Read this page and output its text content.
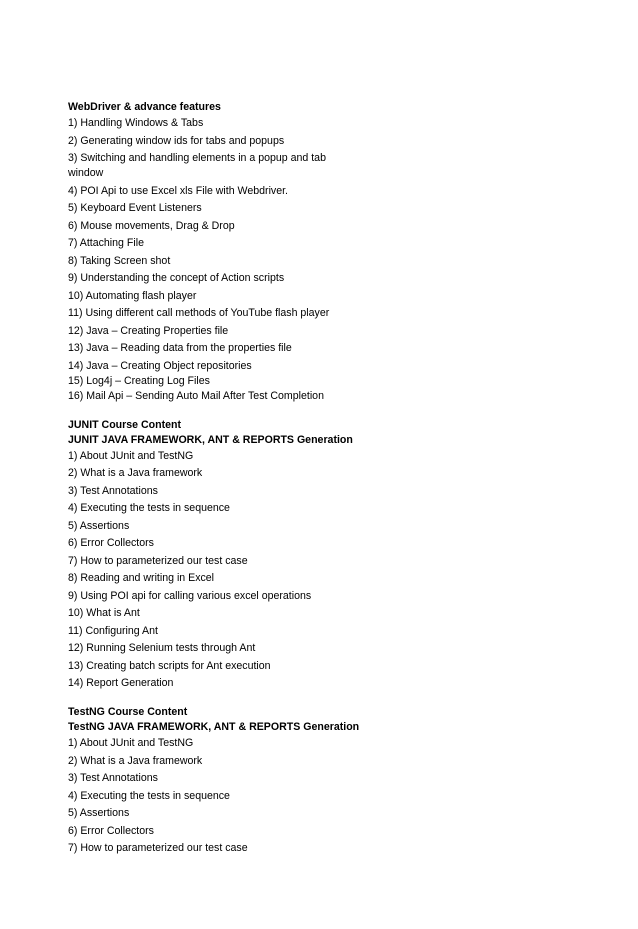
WebDriver & advance features

1) Handling Windows & Tabs

2) Generating window ids for tabs and popups

3) Switching and handling elements in a popup and tab window

4) POI Api to use Excel xls File with Webdriver.

5) Keyboard Event Listeners

6) Mouse movements, Drag & Drop

7) Attaching File

8) Taking Screen shot

9) Understanding the concept of Action scripts

10) Automating flash player

11) Using different call methods of YouTube flash player

12) Java – Creating Properties file

13) Java – Reading data from the properties file

14) Java – Creating Object repositories

15) Log4j – Creating Log Files

16) Mail Api – Sending Auto Mail After Test Completion

JUNIT Course Content

JUNIT JAVA FRAMEWORK, ANT & REPORTS Generation

1) About JUnit and TestNG

2) What is a Java framework

3) Test Annotations

4) Executing the tests in sequence

5) Assertions

6) Error Collectors

7) How to parameterized our test case

8) Reading and writing in Excel

9) Using POI api for calling various excel operations

10) What is Ant

11) Configuring Ant

12) Running Selenium tests through Ant

13) Creating batch scripts for Ant execution

14) Report Generation

TestNG Course Content

TestNG JAVA FRAMEWORK, ANT & REPORTS Generation

1) About JUnit and TestNG

2) What is a Java framework

3) Test Annotations

4) Executing the tests in sequence

5) Assertions

6) Error Collectors

7) How to parameterized our test case
